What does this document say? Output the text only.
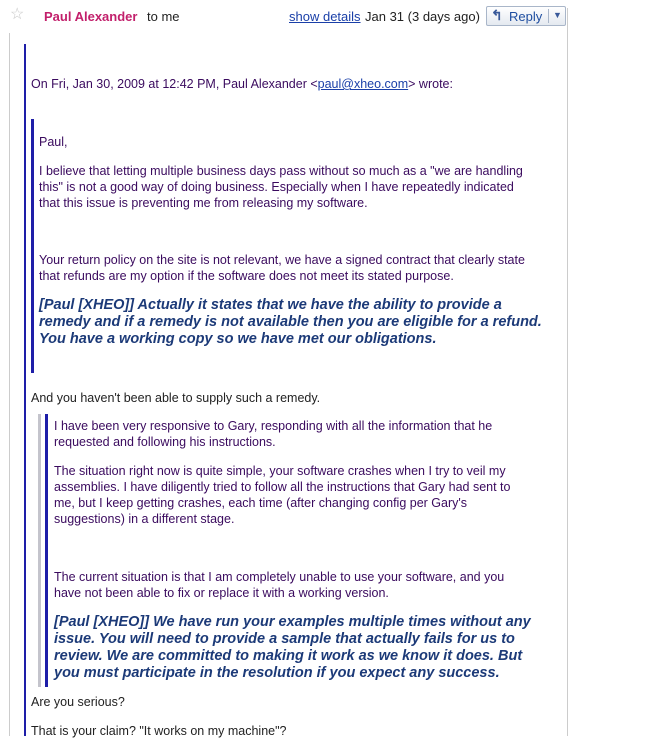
☆ Paul Alexander to me	show details Jan 31 (3 days ago) ↰ Reply ▼
On Fri, Jan 30, 2009 at 12:42 PM, Paul Alexander <paul@xheo.com> wrote:
Paul,
I believe that letting multiple business days pass without so much as a "we are handling
this" is not a good way of doing business. Especially when I have repeatedly indicated
that this issue is preventing me from releasing my software.
Your return policy on the site is not relevant, we have a signed contract that clearly state
that refunds are my option if the software does not meet its stated purpose.
[Paul [XHEO]] Actually it states that we have the ability to provide a
remedy and if a remedy is not available then you are eligible for a refund.
You have a working copy so we have met our obligations.
And you haven't been able to supply such a remedy.
I have been very responsive to Gary, responding with all the information that he
requested and following his instructions.
The situation right now is quite simple, your software crashes when I try to veil my
assemblies. I have diligently tried to follow all the instructions that Gary had sent to
me, but I keep getting crashes, each time (after changing config per Gary's
suggestions) in a different stage.
The current situation is that I am completely unable to use your software, and you
have not been able to fix or replace it with a working version.
[Paul [XHEO]] We have run your examples multiple times without any
issue. You will need to provide a sample that actually fails for us to
review. We are committed to making it work as we know it does. But
you must participate in the resolution if you expect any success.
Are you serious?
That is your claim? "It works on my machine"?
